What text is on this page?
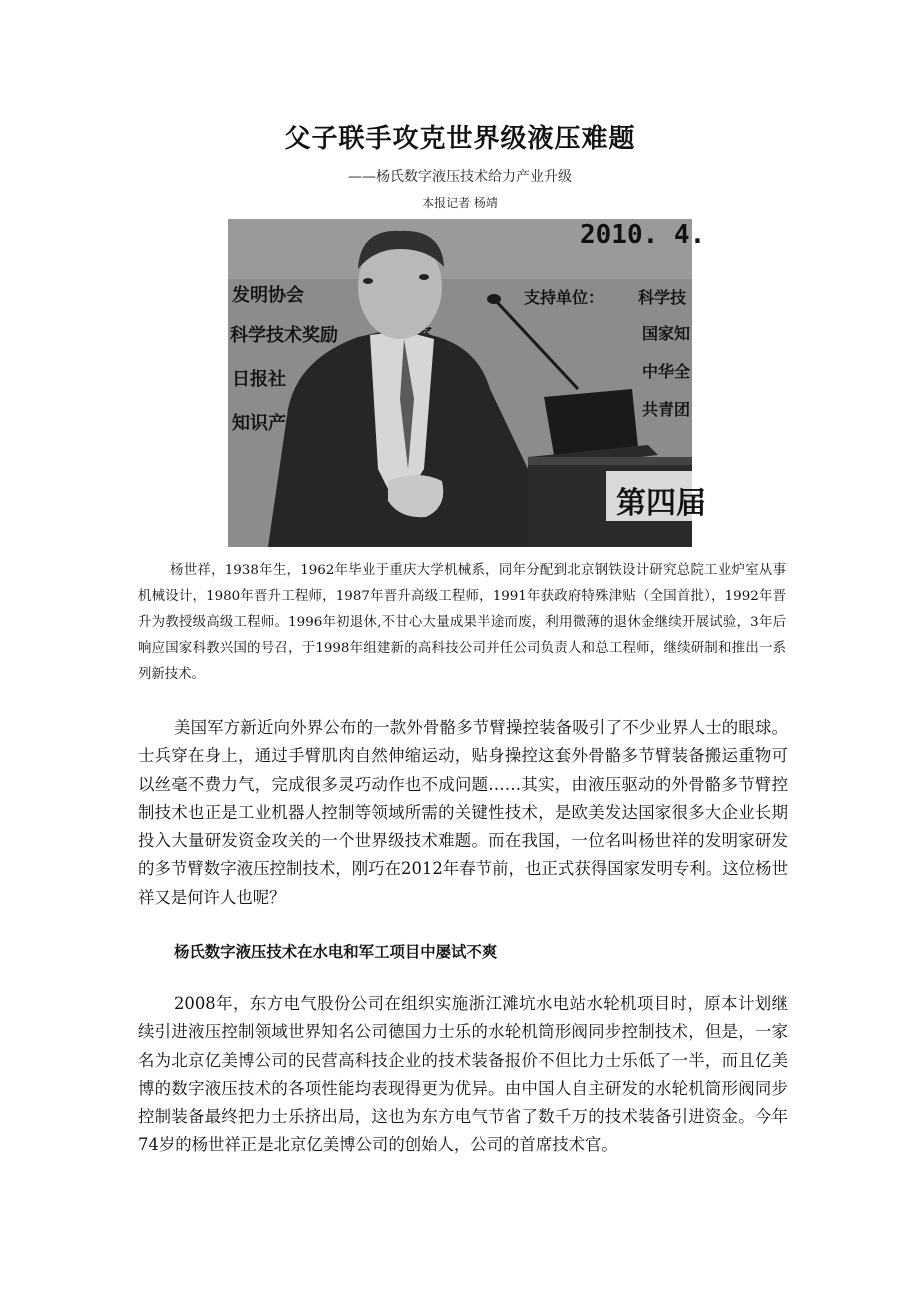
父子联手攻克世界级液压难题
——杨氏数字液压技术给力产业升级
本报记者 杨靖
2010. 4.
发明协会
科学技术奖励
日报社
知识产
支持单位： 科学技
国家知
中华全
共青团
第四届
杨世祥，1938年生，1962年毕业于重庆大学机械系，同年分配到北京钢铁设计研究总院工业炉室从事机械设计，1980年晋升工程师，1987年晋升高级工程师，1991年获政府特殊津贴（全国首批），1992年晋升为教授级高级工程师。1996年初退休,不甘心大量成果半途而废，利用微薄的退休金继续开展试验，3年后响应国家科教兴国的号召，于1998年组建新的高科技公司并任公司负责人和总工程师，继续研制和推出一系列新技术。
美国军方新近向外界公布的一款外骨骼多节臂操控装备吸引了不少业界人士的眼球。士兵穿在身上，通过手臂肌肉自然伸缩运动，贴身操控这套外骨骼多节臂装备搬运重物可以丝毫不费力气，完成很多灵巧动作也不成问题……其实，由液压驱动的外骨骼多节臂控制技术也正是工业机器人控制等领域所需的关键性技术，是欧美发达国家很多大企业长期投入大量研发资金攻关的一个世界级技术难题。而在我国，一位名叫杨世祥的发明家研发的多节臂数字液压控制技术，刚巧在2012年春节前，也正式获得国家发明专利。这位杨世祥又是何许人也呢？
杨氏数字液压技术在水电和军工项目中屡试不爽
2008年，东方电气股份公司在组织实施浙江滩坑水电站水轮机项目时，原本计划继续引进液压控制领域世界知名公司德国力士乐的水轮机筒形阀同步控制技术，但是，一家名为北京亿美博公司的民营高科技企业的技术装备报价不但比力士乐低了一半，而且亿美博的数字液压技术的各项性能均表现得更为优异。由中国人自主研发的水轮机筒形阀同步控制装备最终把力士乐挤出局，这也为东方电气节省了数千万的技术装备引进资金。今年74岁的杨世祥正是北京亿美博公司的创始人，公司的首席技术官。
